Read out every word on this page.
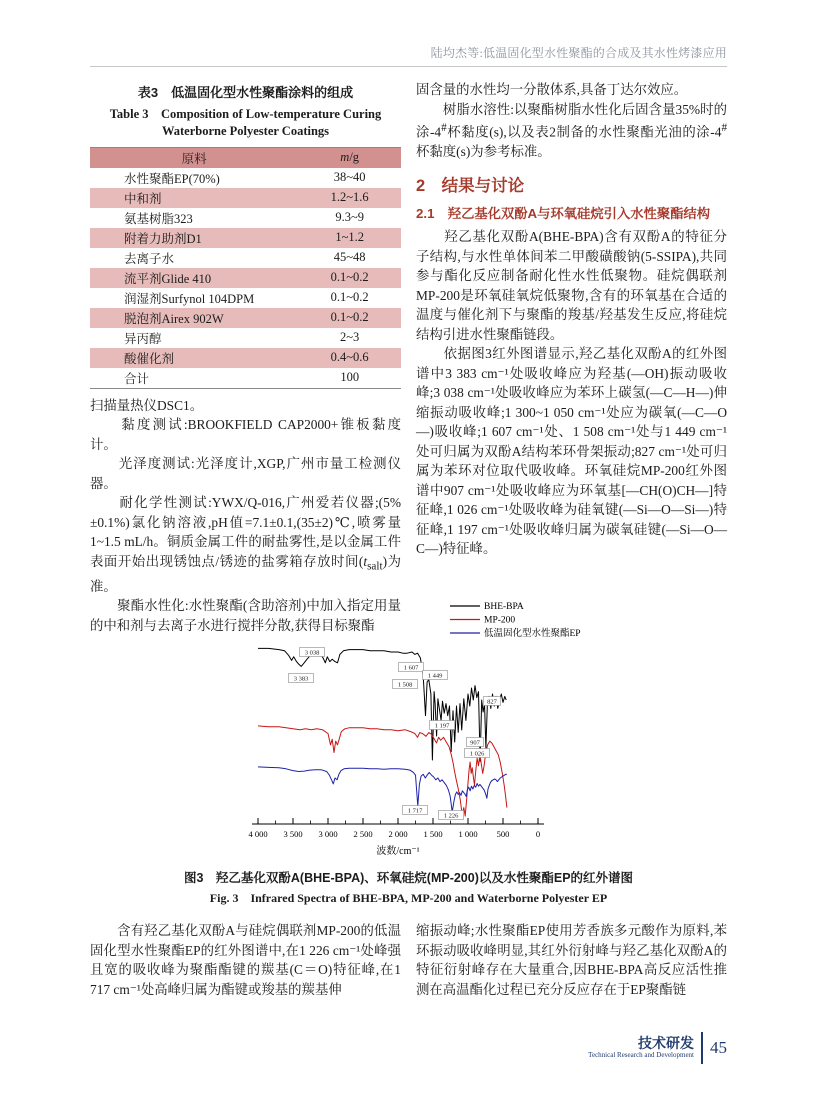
陆均杰等:低温固化型水性聚酯的合成及其水性烤漆应用
表3　低温固化型水性聚酯涂料的组成
Table 3　Composition of Low-temperature Curing
Waterborne Polyester Coatings
原料	m/g
水性聚酯EP(70%)	38~40
中和剂	1.2~1.6
氨基树脂323	9.3~9
附着力助剂D1	1~1.2
去离子水	45~48
流平剂Glide 410	0.1~0.2
润湿剂Surfynol 104DPM	0.1~0.2
脱泡剂Airex 902W	0.1~0.2
异丙醇	2~3
酸催化剂	0.4~0.6
合计	100

扫描量热仪DSC1。

　　黏度测试:BROOKFIELD CAP2000+锥板黏度计。

　　光泽度测试:光泽度计,XGP,广州市量工检测仪器。

　　耐化学性测试:YWX/Q-016,广州爱若仪器;(5%±0.1%)氯化钠溶液,pH值=7.1±0.1,(35±2)℃,喷雾量1~1.5 mL/h。铜质金属工件的耐盐雾性,是以金属工件表面开始出现锈蚀点/锈迹的盐雾箱存放时间$(t_{salt})$为准。

　　聚酯水性化:水性聚酯(含助溶剂)中加入指定用量的中和剂与去离子水进行搅拌分散,获得目标聚酯

固含量的水性均一分散体系,具备丁达尔效应。

　　树脂水溶性:以聚酯树脂水性化后固含量35%时的涂-4#杯黏度(s),以及表2制备的水性聚酯光油的涂-4#杯黏度(s)为参考标准。

2　结果与讨论
2.1　羟乙基化双酚A与环氧硅烷引入水性聚酯结构

　　羟乙基化双酚A(BHE-BPA)含有双酚A的特征分子结构,与水性单体间苯二甲酸磺酸钠(5-SSIPA),共同参与酯化反应制备耐化性水性低聚物。硅烷偶联剂MP-200是环氧硅氧烷低聚物,含有的环氧基在合适的温度与催化剂下与聚酯的羧基/羟基发生反应,将硅烷结构引进水性聚酯链段。

　　依据图3红外图谱显示,羟乙基化双酚A的红外图谱中3 383 cm⁻¹处吸收峰应为羟基(—OH)振动吸收峰;3 038 cm⁻¹处吸收峰应为苯环上碳氢(—C—H—)伸缩振动吸收峰;1 300~1 050 cm⁻¹处应为碳氧(—C—O—)吸收峰;1 607 cm⁻¹处、1 508 cm⁻¹处与1 449 cm⁻¹处可归属为双酚A结构苯环骨架振动;827 cm⁻¹处可归属为苯环对位取代吸收峰。环氧硅烷MP-200红外图谱中907 cm⁻¹处吸收峰应为环氧基[—CH(O)CH—]特征峰,1 026 cm⁻¹处吸收峰为硅氧键(—Si—O—Si—)特征峰,1 197 cm⁻¹处吸收峰归属为碳氧硅键(—Si—O—C—)特征峰。

4 000 3 500 3 000 2 500 2 000 1 500 1 000 500	0
波数/cm⁻¹
BHE-BPA
MP-200
低温固化型水性聚酯EP
3 383
3 038
1 607
1 508
1 449
827
1 197
907
1 026
1 717
1 226
图3　羟乙基化双酚A(BHE-BPA)、环氧硅烷(MP-200)以及水性聚酯EP的红外谱图
Fig. 3　Infrared Spectra of BHE-BPA, MP-200 and Waterborne Polyester EP

　　含有羟乙基化双酚A与硅烷偶联剂MP-200的低温固化型水性聚酯EP的红外图谱中,在1 226 cm⁻¹处峰强且宽的吸收峰为聚酯酯键的羰基(C＝O)特征峰,在1 717 cm⁻¹处高峰归属为酯键或羧基的羰基伸

缩振动峰;水性聚酯EP使用芳香族多元酸作为原料,苯环振动吸收峰明显,其红外衍射峰与羟乙基化双酚A的特征衍射峰存在大量重合,因BHE-BPA高反应活性推测在高温酯化过程已充分反应存在于EP聚酯链

技术研发
Technical Research and Development 45
